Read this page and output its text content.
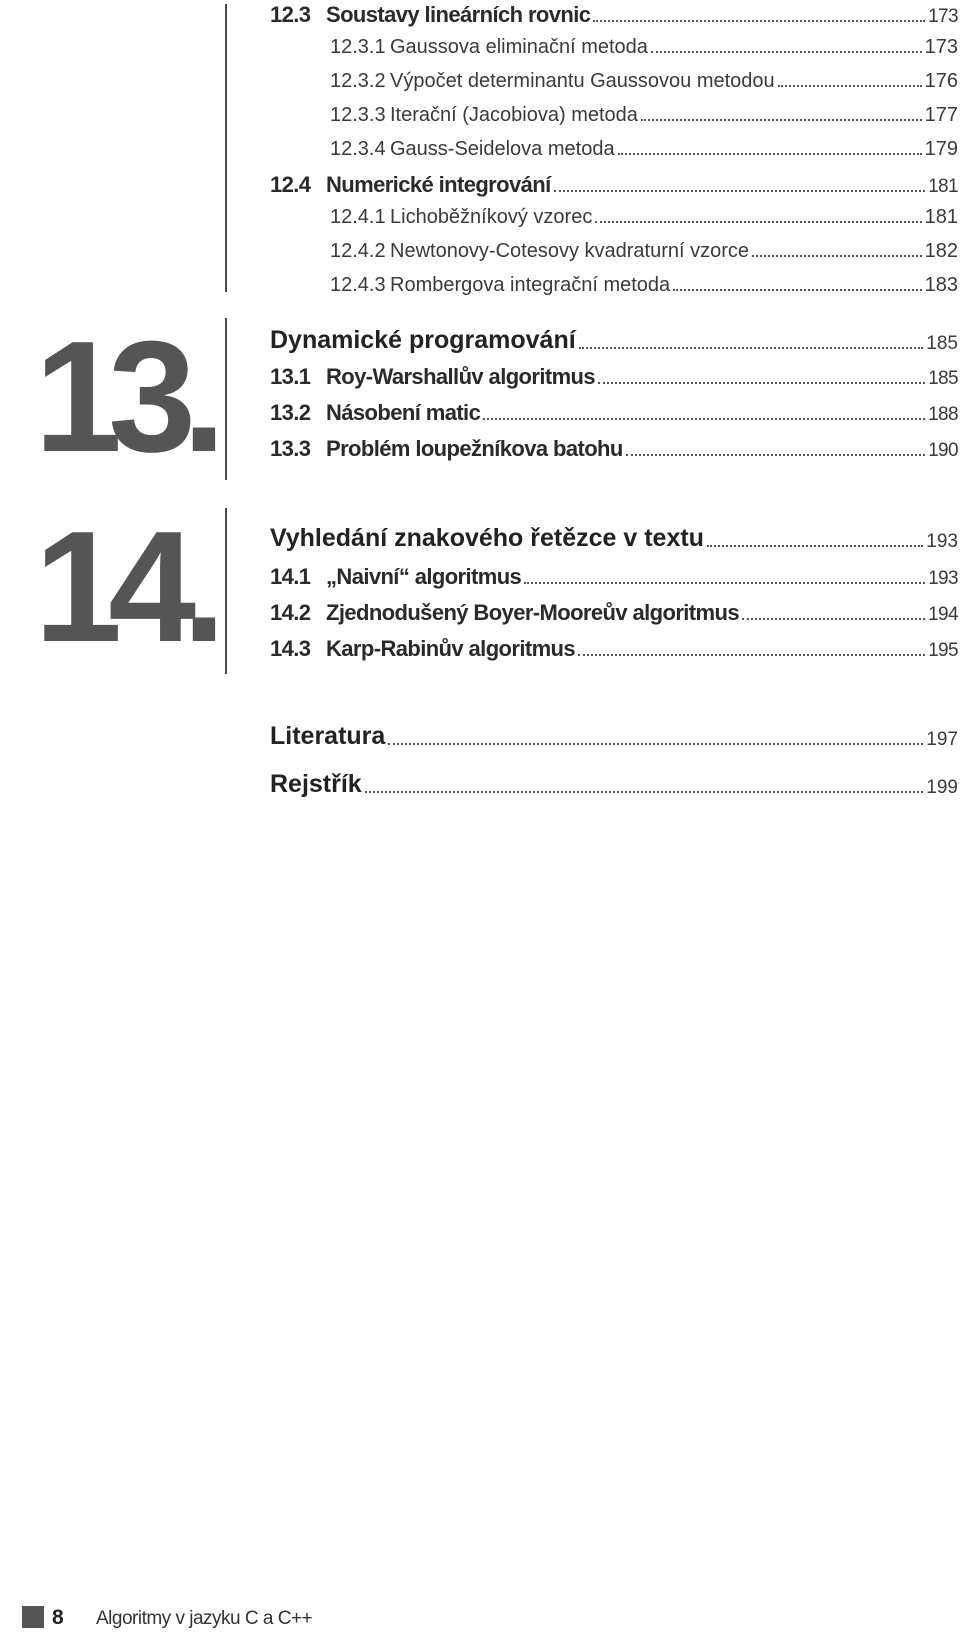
12.3 Soustavy lineárních rovnic	173
12.3.1 Gaussova eliminační metoda	173
12.3.2 Výpočet determinantu Gaussovou metodou	176
12.3.3 Iterační (Jacobiova) metoda	177
12.3.4 Gauss-Seidelova metoda	179
12.4 Numerické integrování	181
12.4.1 Lichoběžníkový vzorec	181
12.4.2 Newtonovy-Cotesovy kvadraturní vzorce	182
12.4.3 Rombergova integrační metoda	183
13. Dynamické programování	185
13.1 Roy-Warshallův algoritmus	185
13.2 Násobení matic	188
13.3 Problém loupežníkova batohu	190
14. Vyhledání znakového řetězce v textu	193
14.1 „Naivní“ algoritmus	193
14.2 Zjednodušený Boyer-Mooreův algoritmus	194
14.3 Karp-Rabinův algoritmus	195
Literatura	197
Rejstřík	199
8 Algoritmy v jazyku C a C++
